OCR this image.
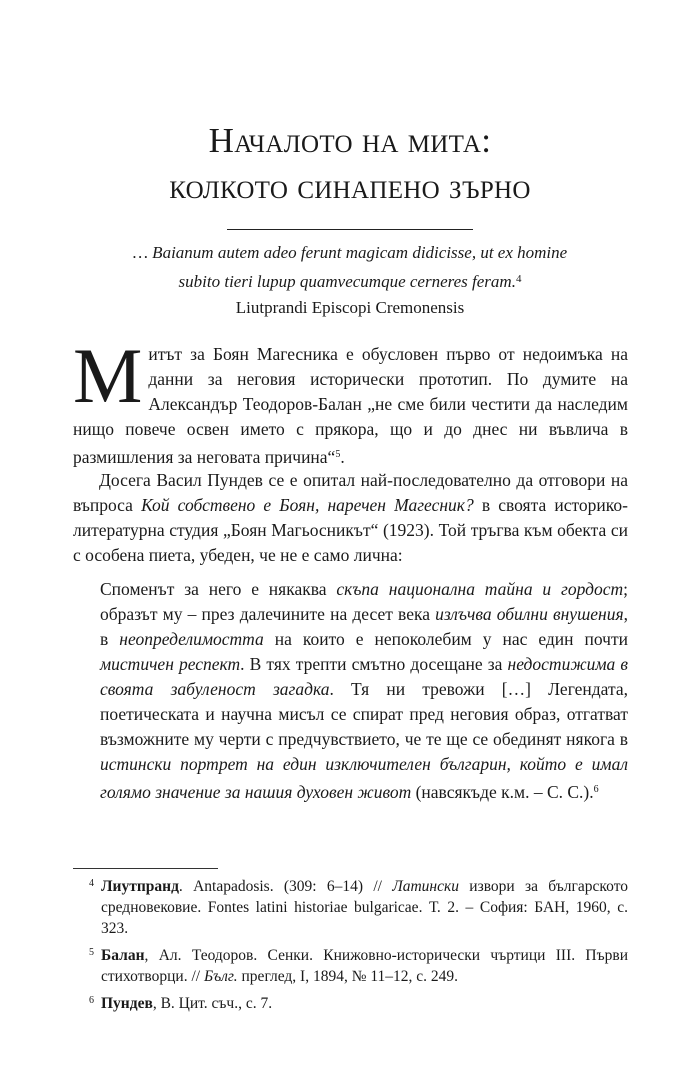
Началото на мита:
колкото синапено зърно
… Baianum autem adeo ferunt magicam didicisse, ut ex homine
subito tieri lupup quamvecumque cerneres feram.$^4$
Liutprandi Episcopi Cremonensis
Митът за Боян Магесника е обусловен първо от недоимъка на данни за неговия исторически прототип. По думите на Александър Теодоров-Балан „не сме били честити да наследим нищо повече освен името с прякора, що и до днес ни въвлича в размишления за неговата причина“$^5$.
Досега Васил Пундев се е опитал най-последователно да отговори на въпроса Кой собствено е Боян, наречен Магесник? в своята историко-литературна студия „Боян Магьосникът“ (1923). Той тръгва към обекта си с особена пиета, убеден, че не е само лична:
Споменът за него е някаква скъпа национална тайна и гордост; образът му – през далечините на десет века излъчва обилни внушения, в неопределимостта на които е непоколебим у нас един почти мистичен респект. В тях трепти смътно досещане за недостижима в своята забуленост загадка. Тя ни тревожи […] Легендата, поетическата и научна мисъл се спират пред неговия образ, отгатват възможните му черти с предчувствието, че те ще се обединят някога в истински портрет на един изключителен българин, който е имал голямо значение за нашия духовен живот (навсякъде к.м. – С. С.).$^6$
4 Лиутпранд. Antapadosis. (309: 6–14) // Латински извори за българското средновековие. Fontes latini historiae bulgaricae. Т. 2. – София: БАН, 1960, с. 323.
5 Балан, Ал. Теодоров. Сенки. Книжовно-исторически чъртици III. Първи стихотворци. // Бълг. преглед, I, 1894, № 11–12, с. 249.
6 Пундев, В. Цит. съч., с. 7.
